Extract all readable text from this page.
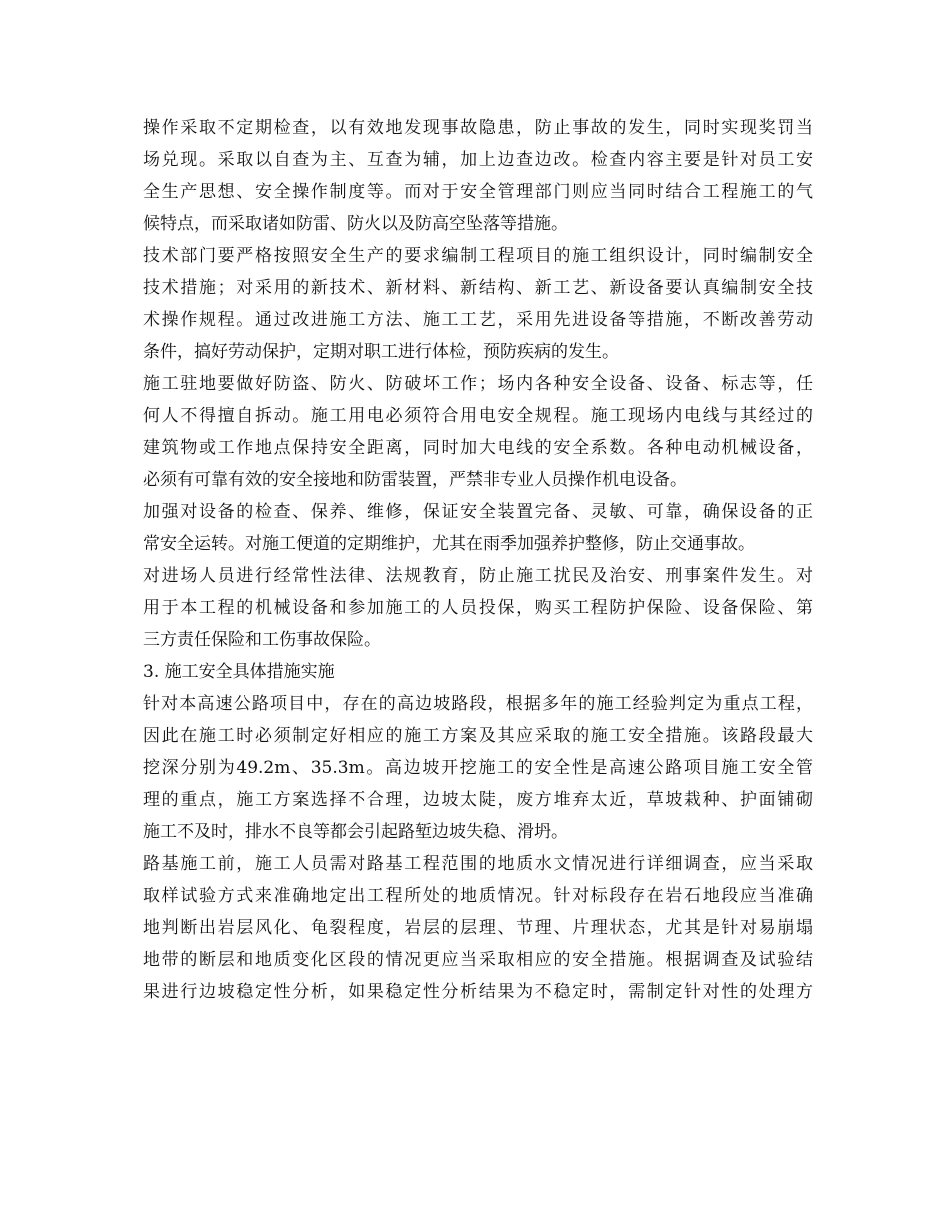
操作采取不定期检查，以有效地发现事故隐患，防止事故的发生，同时实现奖罚当

场兑现。采取以自查为主、互查为辅，加上边查边改。检查内容主要是针对员工安

全生产思想、安全操作制度等。而对于安全管理部门则应当同时结合工程施工的气

候特点，而采取诸如防雷、防火以及防高空坠落等措施。

技术部门要严格按照安全生产的要求编制工程项目的施工组织设计，同时编制安全

技术措施；对采用的新技术、新材料、新结构、新工艺、新设备要认真编制安全技

术操作规程。通过改进施工方法、施工工艺，采用先进设备等措施，不断改善劳动

条件，搞好劳动保护，定期对职工进行体检，预防疾病的发生。

施工驻地要做好防盗、防火、防破坏工作；场内各种安全设备、设备、标志等，任

何人不得擅自拆动。施工用电必须符合用电安全规程。施工现场内电线与其经过的

建筑物或工作地点保持安全距离，同时加大电线的安全系数。各种电动机械设备，

必须有可靠有效的安全接地和防雷装置，严禁非专业人员操作机电设备。

加强对设备的检查、保养、维修，保证安全装置完备、灵敏、可靠，确保设备的正

常安全运转。对施工便道的定期维护，尤其在雨季加强养护整修，防止交通事故。

对进场人员进行经常性法律、法规教育，防止施工扰民及治安、刑事案件发生。对

用于本工程的机械设备和参加施工的人员投保，购买工程防护保险、设备保险、第

三方责任保险和工伤事故保险。

3. 施工安全具体措施实施

针对本高速公路项目中，存在的高边坡路段，根据多年的施工经验判定为重点工程，

因此在施工时必须制定好相应的施工方案及其应采取的施工安全措施。该路段最大

挖深分别为49.2m、35.3m。高边坡开挖施工的安全性是高速公路项目施工安全管

理的重点，施工方案选择不合理，边坡太陡，废方堆弃太近，草坡栽种、护面铺砌

施工不及时，排水不良等都会引起路堑边坡失稳、滑坍。

路基施工前，施工人员需对路基工程范围的地质水文情况进行详细调查，应当采取

取样试验方式来准确地定出工程所处的地质情况。针对标段存在岩石地段应当准确

地判断出岩层风化、龟裂程度，岩层的层理、节理、片理状态，尤其是针对易崩塌

地带的断层和地质变化区段的情况更应当采取相应的安全措施。根据调查及试验结

果进行边坡稳定性分析，如果稳定性分析结果为不稳定时，需制定针对性的处理方
